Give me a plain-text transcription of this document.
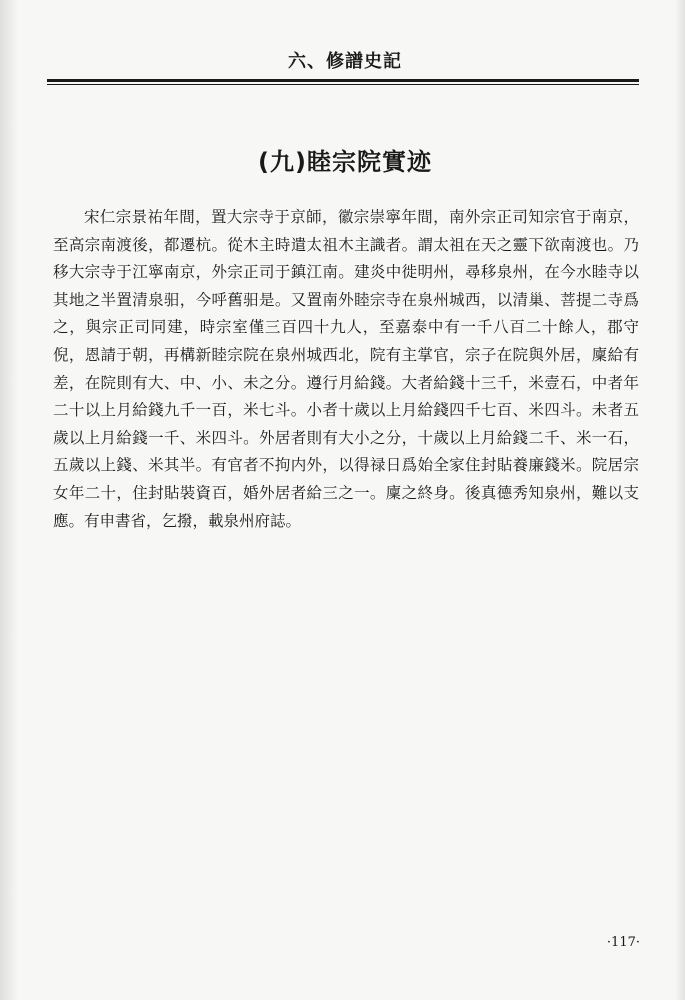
六、修譜史記
(九)睦宗院實迹

宋仁宗景祐年間，置大宗寺于京師，徽宗崇寧年間，南外宗正司知宗官于南京，至高宗南渡後，都遷杭。從木主時遣太祖木主識者。謂太祖在天之靈下欲南渡也。乃移大宗寺于江寧南京，外宗正司于鎮江南。建炎中徙明州，尋移泉州，在今水睦寺以其地之半置清泉驲，今呼舊驲是。又置南外睦宗寺在泉州城西，以清巢、菩提二寺爲之，與宗正司同建，時宗室僅三百四十九人，至嘉泰中有一千八百二十餘人，郡守倪，恩請于朝，再構新睦宗院在泉州城西北，院有主掌官，宗子在院與外居，廩給有差，在院則有大、中、小、未之分。遵行月給錢。大者給錢十三千，米壹石，中者年二十以上月給錢九千一百，米七斗。小者十歲以上月給錢四千七百、米四斗。未者五歲以上月給錢一千、米四斗。外居者則有大小之分，十歲以上月給錢二千、米一石，五歲以上錢、米其半。有官者不拘内外，以得禄日爲始全家住封貼養廉錢米。院居宗女年二十，住封貼裝資百，婚外居者給三之一。廩之終身。後真德秀知泉州，難以支應。有申書省，乞撥，載泉州府誌。

·117·
